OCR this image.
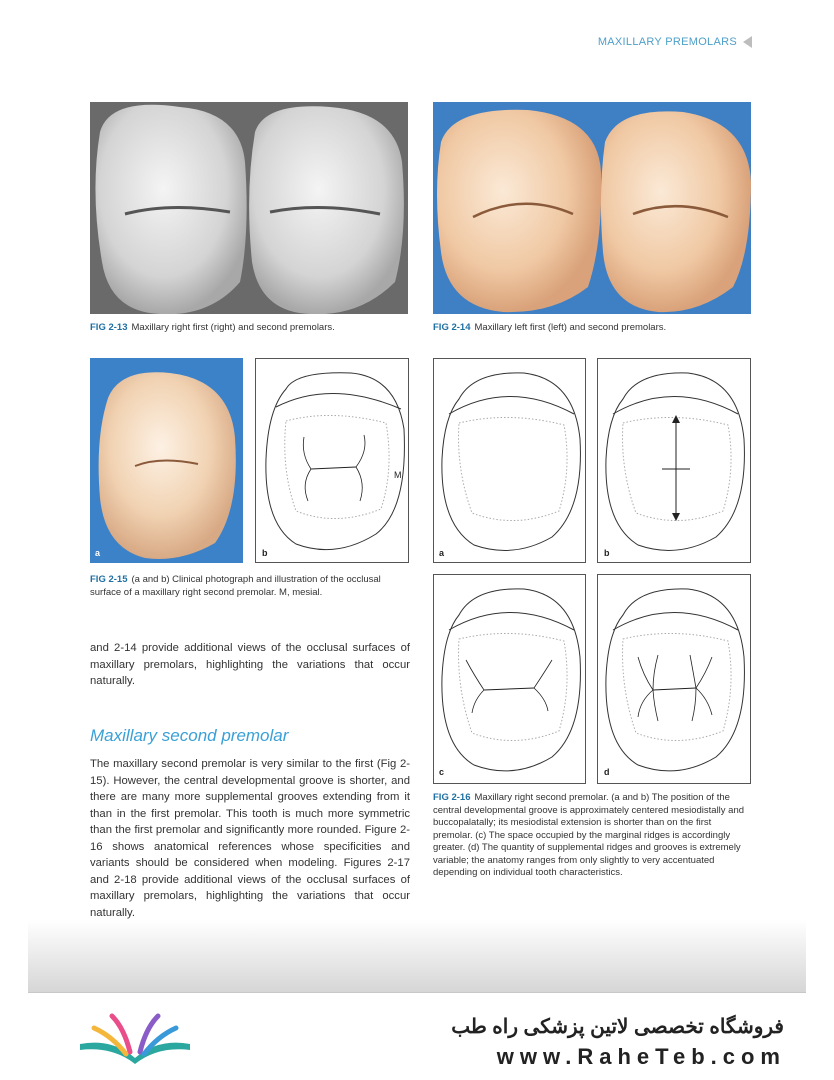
MAXILLARY PREMOLARS
FIG 2-13 Maxillary right first (right) and second premolars.	FIG 2-14 Maxillary left first (left) and second premolars.
a	b
M
FIG 2-15 (a and b) Clinical photograph and illustration of the occlusal surface of a maxillary right second premolar. M, mesial.
a	b
c	d
FIG 2-16 Maxillary right second premolar. (a and b) The position of the central developmental groove is approximately centered mesiodistally and buccopalatally; its mesiodistal extension is shorter than on the first premolar. (c) The space occupied by the marginal ridges is accordingly greater. (d) The quantity of supplemental ridges and grooves is extremely variable; the anatomy ranges from only slightly to very accentuated depending on individual tooth characteristics.

and 2-14 provide additional views of the occlusal surfaces of maxillary premolars, highlighting the variations that occur naturally.

Maxillary second premolar

The maxillary second premolar is very similar to the first (Fig 2-15). However, the central developmental groove is shorter, and there are many more supplemental grooves extending from it than in the first premolar. This tooth is much more symmetric than the first premolar and significantly more rounded. Figure 2-16 shows anatomical references whose specificities and variants should be considered when modeling. Figures 2-17 and 2-18 provide additional views of the occlusal surfaces of maxillary premolars, highlighting the variations that occur naturally.

فروشگاه تخصصی لاتین پزشکی راه طب
www.RaheTeb.com
